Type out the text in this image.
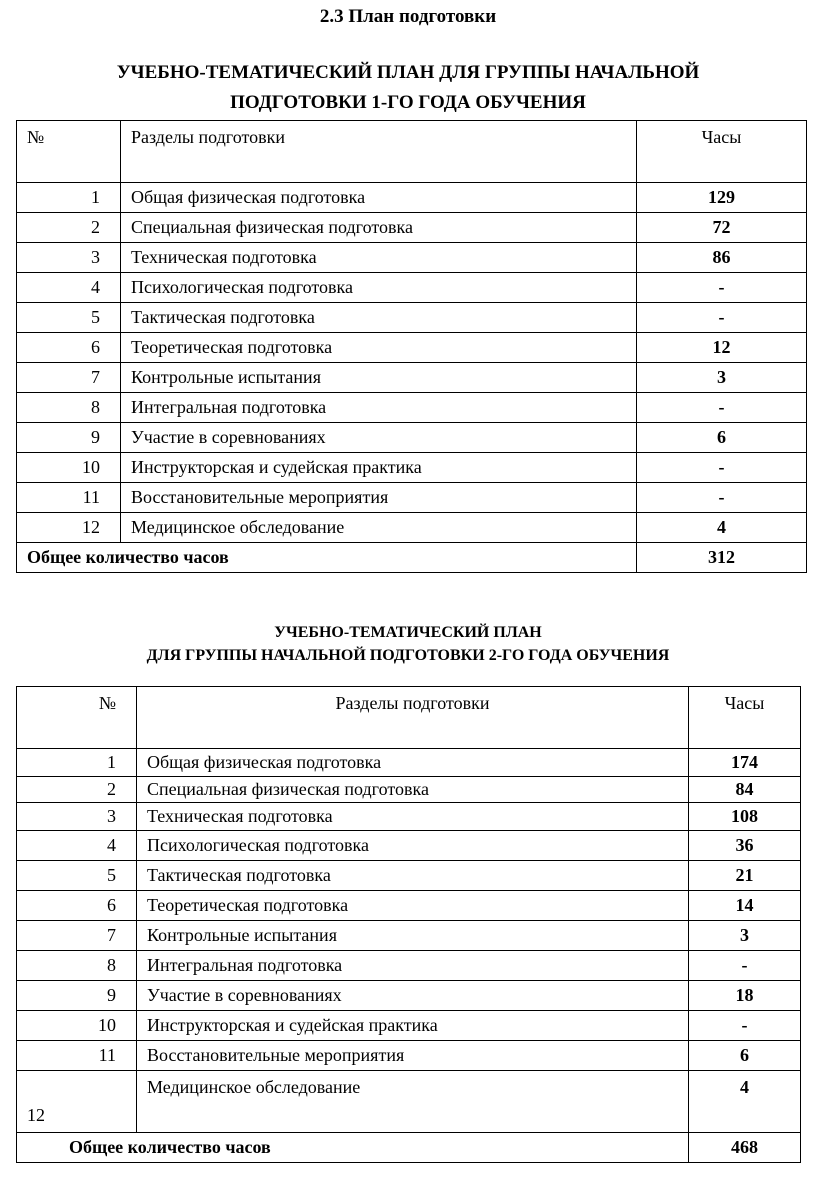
2.3 План подготовки
УЧЕБНО-ТЕМАТИЧЕСКИЙ ПЛАН ДЛЯ ГРУППЫ НАЧАЛЬНОЙ
ПОДГОТОВКИ 1-ГО ГОДА ОБУЧЕНИЯ
№	Разделы подготовки	Часы
1	Общая физическая подготовка	129
2	Специальная физическая подготовка	72
3	Техническая подготовка	86
4	Психологическая подготовка	-
5	Тактическая подготовка	-
6	Теоретическая подготовка	12
7	Контрольные испытания	3
8	Интегральная подготовка	-
9	Участие в соревнованиях	6
10	Инструкторская и судейская практика	-
11	Восстановительные мероприятия	-
12	Медицинское обследование	4
Общее количество часов		312
УЧЕБНО-ТЕМАТИЧЕСКИЙ ПЛАН
ДЛЯ ГРУППЫ НАЧАЛЬНОЙ ПОДГОТОВКИ 2-ГО ГОДА ОБУЧЕНИЯ
№	Разделы подготовки	Часы
1	Общая физическая подготовка	174
2	Специальная физическая подготовка	84
3	Техническая подготовка	108
4	Психологическая подготовка	36
5	Тактическая подготовка	21
6	Теоретическая подготовка	14
7	Контрольные испытания	3
8	Интегральная подготовка	-
9	Участие в соревнованиях	18
10	Инструкторская и судейская практика	-
11	Восстановительные мероприятия	6
12	Медицинское обследование	4
Общее количество часов		468
